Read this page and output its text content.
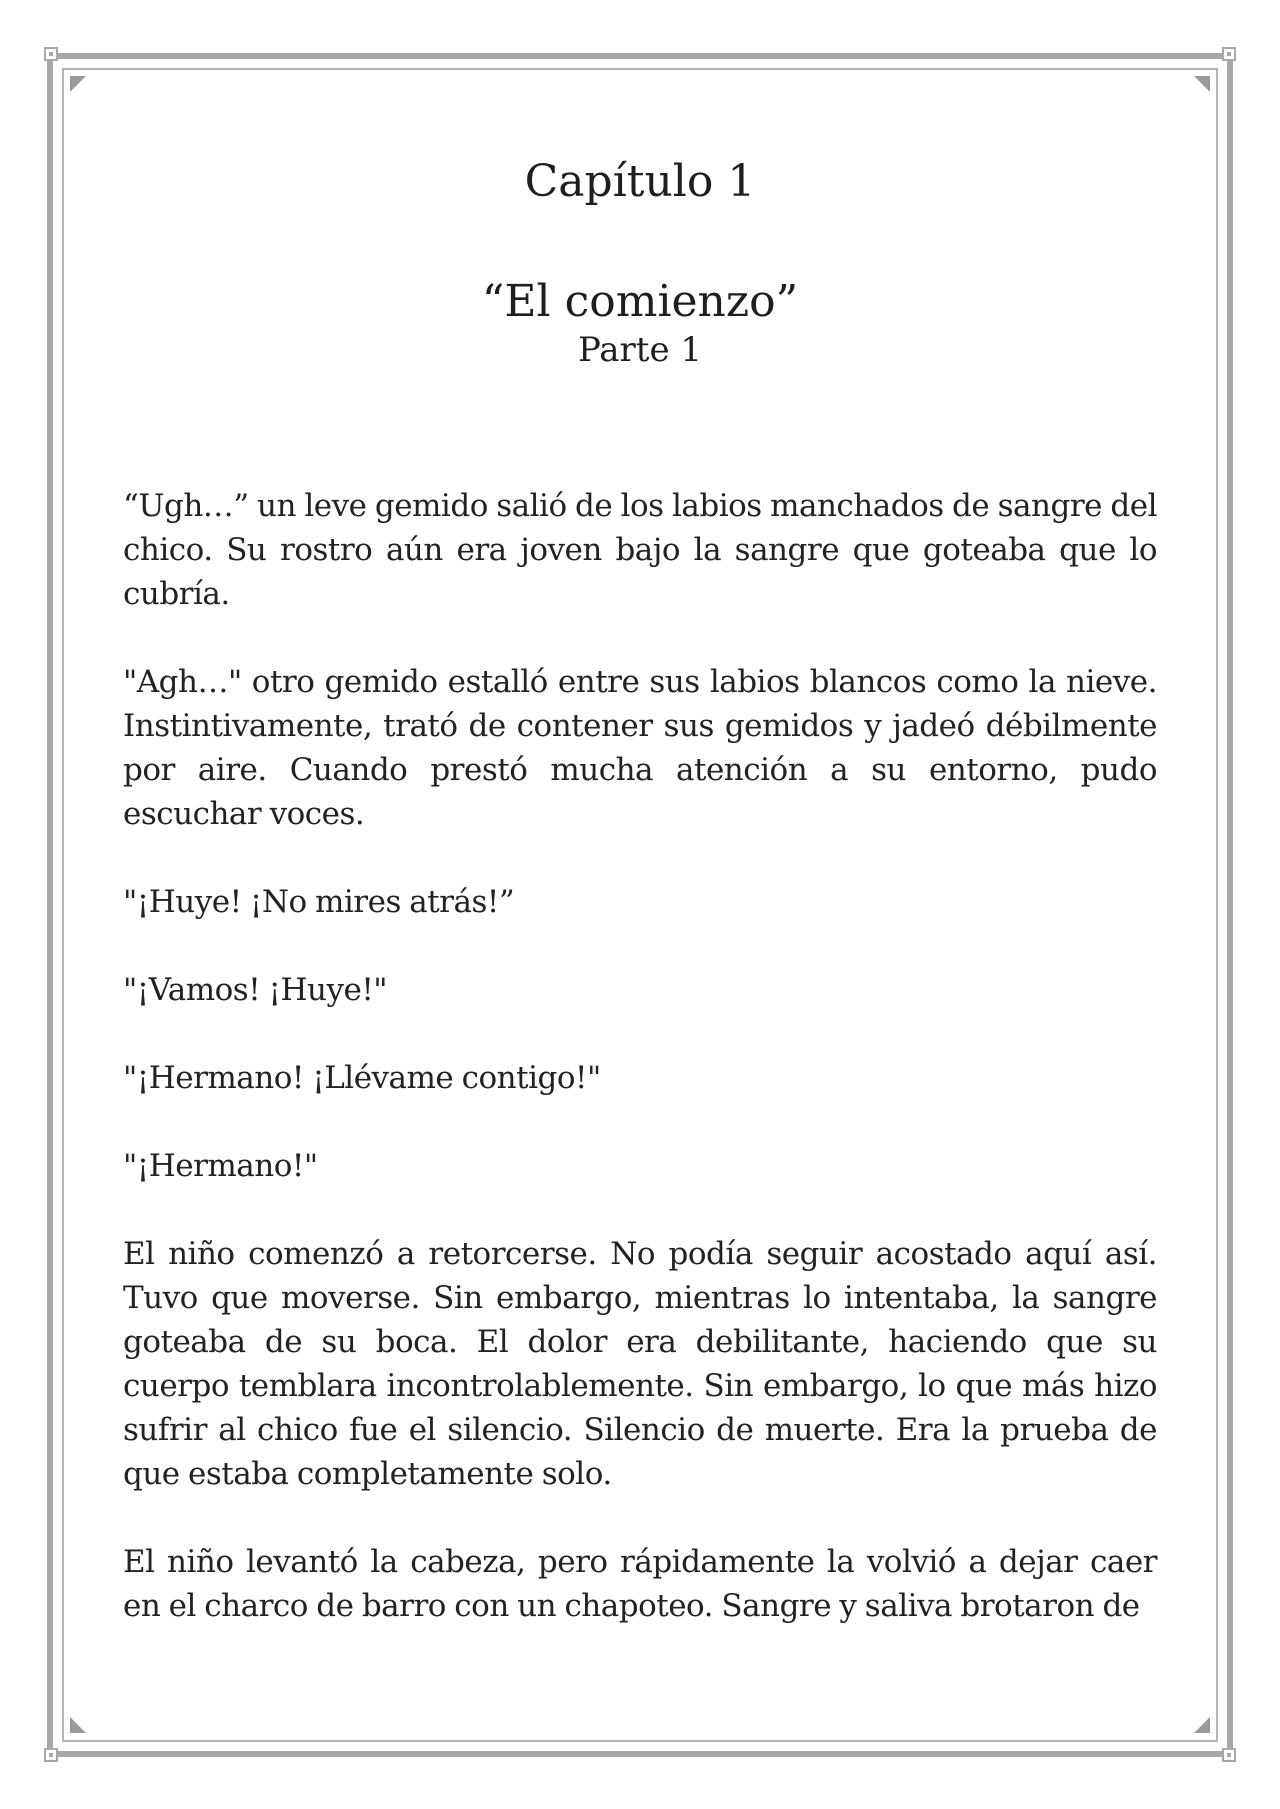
Capítulo 1
“El comienzo”
Parte 1

“Ugh…” un leve gemido salió de los labios manchados de sangre del chico. Su rostro aún era joven bajo la sangre que goteaba que lo cubría.

"Agh…" otro gemido estalló entre sus labios blancos como la nieve. Instintivamente, trató de contener sus gemidos y jadeó débilmente por aire. Cuando prestó mucha atención a su entorno, pudo escuchar voces.

"¡Huye! ¡No mires atrás!”

"¡Vamos! ¡Huye!"

"¡Hermano! ¡Llévame contigo!"

"¡Hermano!"

El niño comenzó a retorcerse. No podía seguir acostado aquí así. Tuvo que moverse. Sin embargo, mientras lo intentaba, la sangre goteaba de su boca. El dolor era debilitante, haciendo que su cuerpo temblara incontrolablemente. Sin embargo, lo que más hizo sufrir al chico fue el silencio. Silencio de muerte. Era la prueba de que estaba completamente solo.

El niño levantó la cabeza, pero rápidamente la volvió a dejar caer en el charco de barro con un chapoteo. Sangre y saliva brotaron de
